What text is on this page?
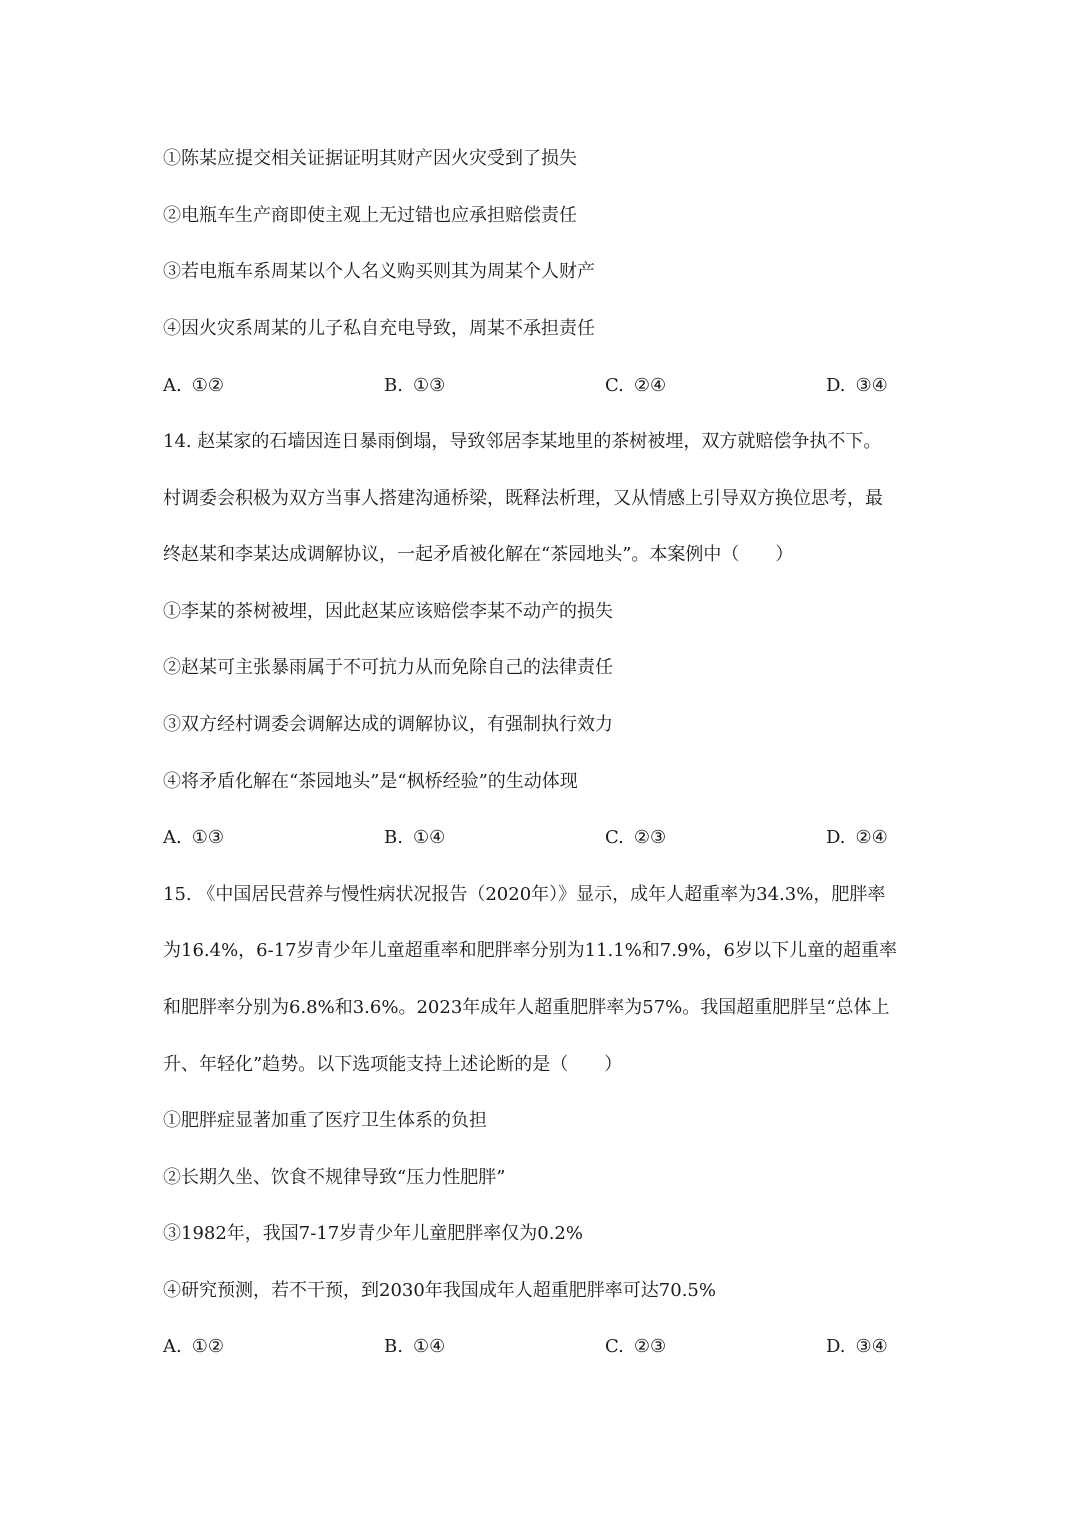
①陈某应提交相关证据证明其财产因火灾受到了损失
②电瓶车生产商即使主观上无过错也应承担赔偿责任
③若电瓶车系周某以个人名义购买则其为周某个人财产
④因火灾系周某的儿子私自充电导致，周某不承担责任
A. ①②	B. ①③	C. ②④	D. ③④
14. 赵某家的石墙因连日暴雨倒塌，导致邻居李某地里的茶树被埋，双方就赔偿争执不下。
村调委会积极为双方当事人搭建沟通桥梁，既释法析理，又从情感上引导双方换位思考，最
终赵某和李某达成调解协议，一起矛盾被化解在“茶园地头”。本案例中（　　）
①李某的茶树被埋，因此赵某应该赔偿李某不动产的损失
②赵某可主张暴雨属于不可抗力从而免除自己的法律责任
③双方经村调委会调解达成的调解协议，有强制执行效力
④将矛盾化解在“茶园地头”是“枫桥经验”的生动体现
A. ①③	B. ①④	C. ②③	D. ②④
15. 《中国居民营养与慢性病状况报告（2020年）》显示，成年人超重率为34.3%，肥胖率
为16.4%，6-17岁青少年儿童超重率和肥胖率分别为11.1%和7.9%，6岁以下儿童的超重率
和肥胖率分别为6.8%和3.6%。2023年成年人超重肥胖率为57%。我国超重肥胖呈“总体上
升、年轻化”趋势。以下选项能支持上述论断的是（　　）
①肥胖症显著加重了医疗卫生体系的负担
②长期久坐、饮食不规律导致“压力性肥胖”
③1982年，我国7-17岁青少年儿童肥胖率仅为0.2%
④研究预测，若不干预，到2030年我国成年人超重肥胖率可达70.5%
A. ①②	B. ①④	C. ②③	D. ③④
